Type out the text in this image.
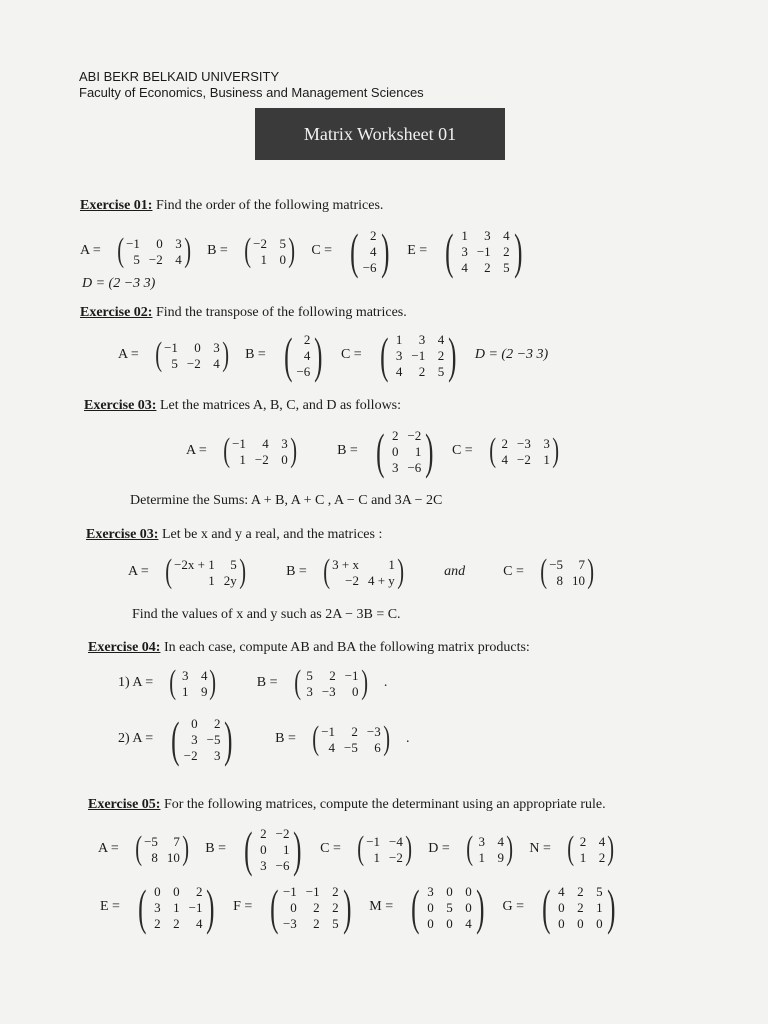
ABI BEKR BELKAID UNIVERSITY
Faculty of Economics, Business and Management Sciences
Matrix Worksheet 01
Exercise 01: Find the order of the following matrices.
A = ( −1	0 3
5 −2 4 ) B = ( −2 5
1 0 ) C = ( 2
4
−6 ) E = ( 1	3 4
3 −1 2
4	2 5 )
D = (2 −3 3)
Exercise 02: Find the transpose of the following matrices.
A = ( −1	0 3
5 −2 4 ) B = ( 2
4
−6 ) C = ( 1	3 4
3 −1 2
4	2 5 ) D = (2 −3 3)
Exercise 03: Let the matrices A, B, C, and D as follows:
A = ( −1	4 3
1 −2 0 )	B = ( 2 −2
0	1
3 −6 ) C = ( 2 −3 3
4 −2 1 )
Determine the Sums: A + B, A + C , A − C and 3A − 2C
Exercise 03: Let be x and y a real, and the matrices :
A = ( −2x + 1	5
1 2y )	B = ( 3 + x	1
−2 4 + y )	and	C = ( −5	7
8 10 )
Find the values of x and y such as 2A − 3B = C.
Exercise 04: In each case, compute AB and BA the following matrix products:
1) A = ( 3 4
1 9 )	B = ( 5	2 −1
3 −3	0 ) .
2) A = ( 0	2
3 −5
−2	3 )	B = ( −1	2 −3
4 −5	6 ) .
Exercise 05: For the following matrices, compute the determinant using an appropriate rule.
A = ( −5	7
8 10 ) B = ( 2 −2
0	1
3 −6 ) C = ( −1 −4
1 −2 ) D = ( 3 4
1 9 ) N = ( 2 4
1 2 )
E = ( 0 0	2
3 1 −1
2 2	4 ) F = ( −1 −1 2
0	2 2
−3	2 5 ) M = ( 3 0 0
0 5 0
0 0 4 ) G = ( 4 2 5
0 2 1
0 0 0 )
